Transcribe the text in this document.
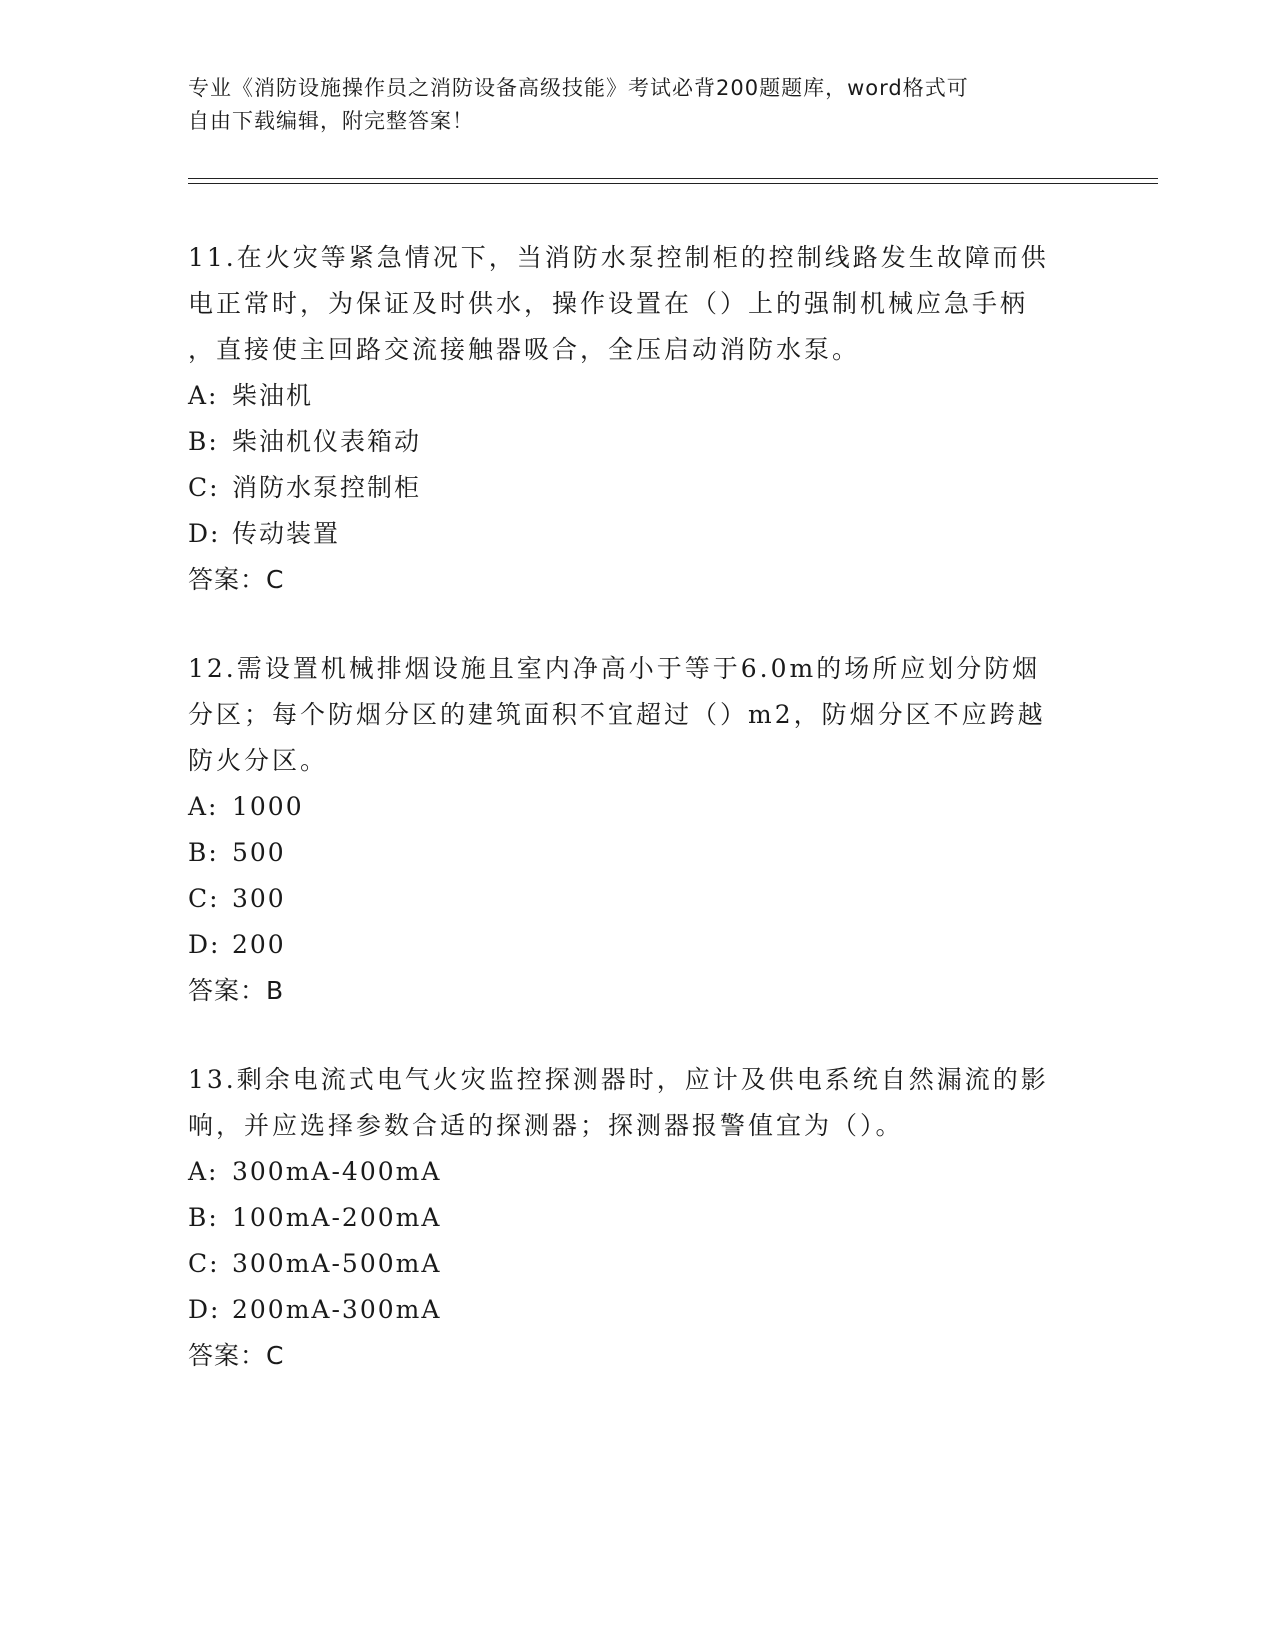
专业《消防设施操作员之消防设备高级技能》考试必背200题题库，word格式可
自由下载编辑，附完整答案！
11.在火灾等紧急情况下，当消防水泵控制柜的控制线路发生故障而供
电正常时，为保证及时供水，操作设置在（）上的强制机械应急手柄
，直接使主回路交流接触器吸合，全压启动消防水泵。
A: 柴油机
B: 柴油机仪表箱动
C: 消防水泵控制柜
D: 传动装置
答案：C
12.需设置机械排烟设施且室内净高小于等于6.0m的场所应划分防烟
分区；每个防烟分区的建筑面积不宜超过（）m2，防烟分区不应跨越
防火分区。
A: 1000
B: 500
C: 300
D: 200
答案：B
13.剩余电流式电气火灾监控探测器时，应计及供电系统自然漏流的影
响，并应选择参数合适的探测器；探测器报警值宜为（）。
A: 300mA-400mA
B: 100mA-200mA
C: 300mA-500mA
D: 200mA-300mA
答案：C
